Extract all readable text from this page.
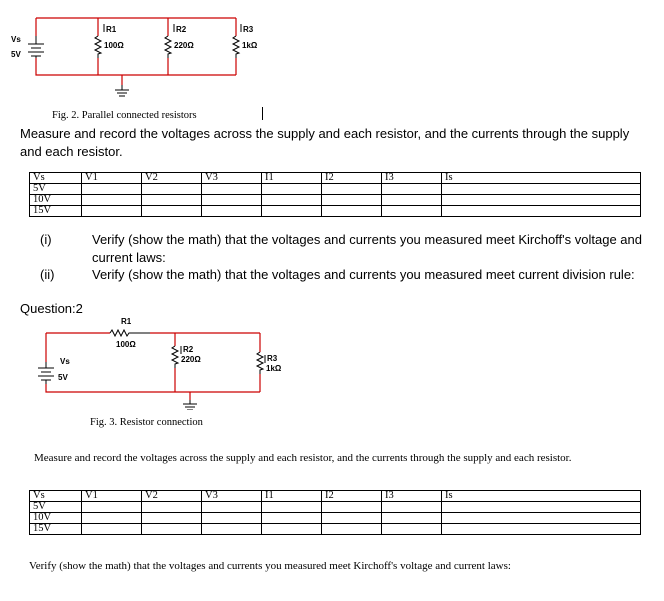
Vs
5V
R1
100Ω
R2
220Ω
R3
1kΩ
Fig. 2. Parallel connected resistors
Measure and record the voltages across the supply and each resistor, and the currents through the supply and each resistor.
Vs	V1	V2	V3	I1	I2	I3	Is
5V							
10V							
15V							
(i)	Verify (show the math) that the voltages and currents you measured meet Kirchoff's voltage and current laws:
(ii)	Verify (show the math) that the voltages and currents you measured meet current division rule:
Question:2
Vs
5V
R1
100Ω
R2
220Ω	R3
1kΩ
Fig. 3. Resistor connection
Measure and record the voltages across the supply and each resistor, and the currents through the supply and each resistor.
Vs	V1	V2	V3	I1	I2	I3	Is
5V							
10V							
15V							
Verify (show the math) that the voltages and currents you measured meet Kirchoff's voltage and current laws:
